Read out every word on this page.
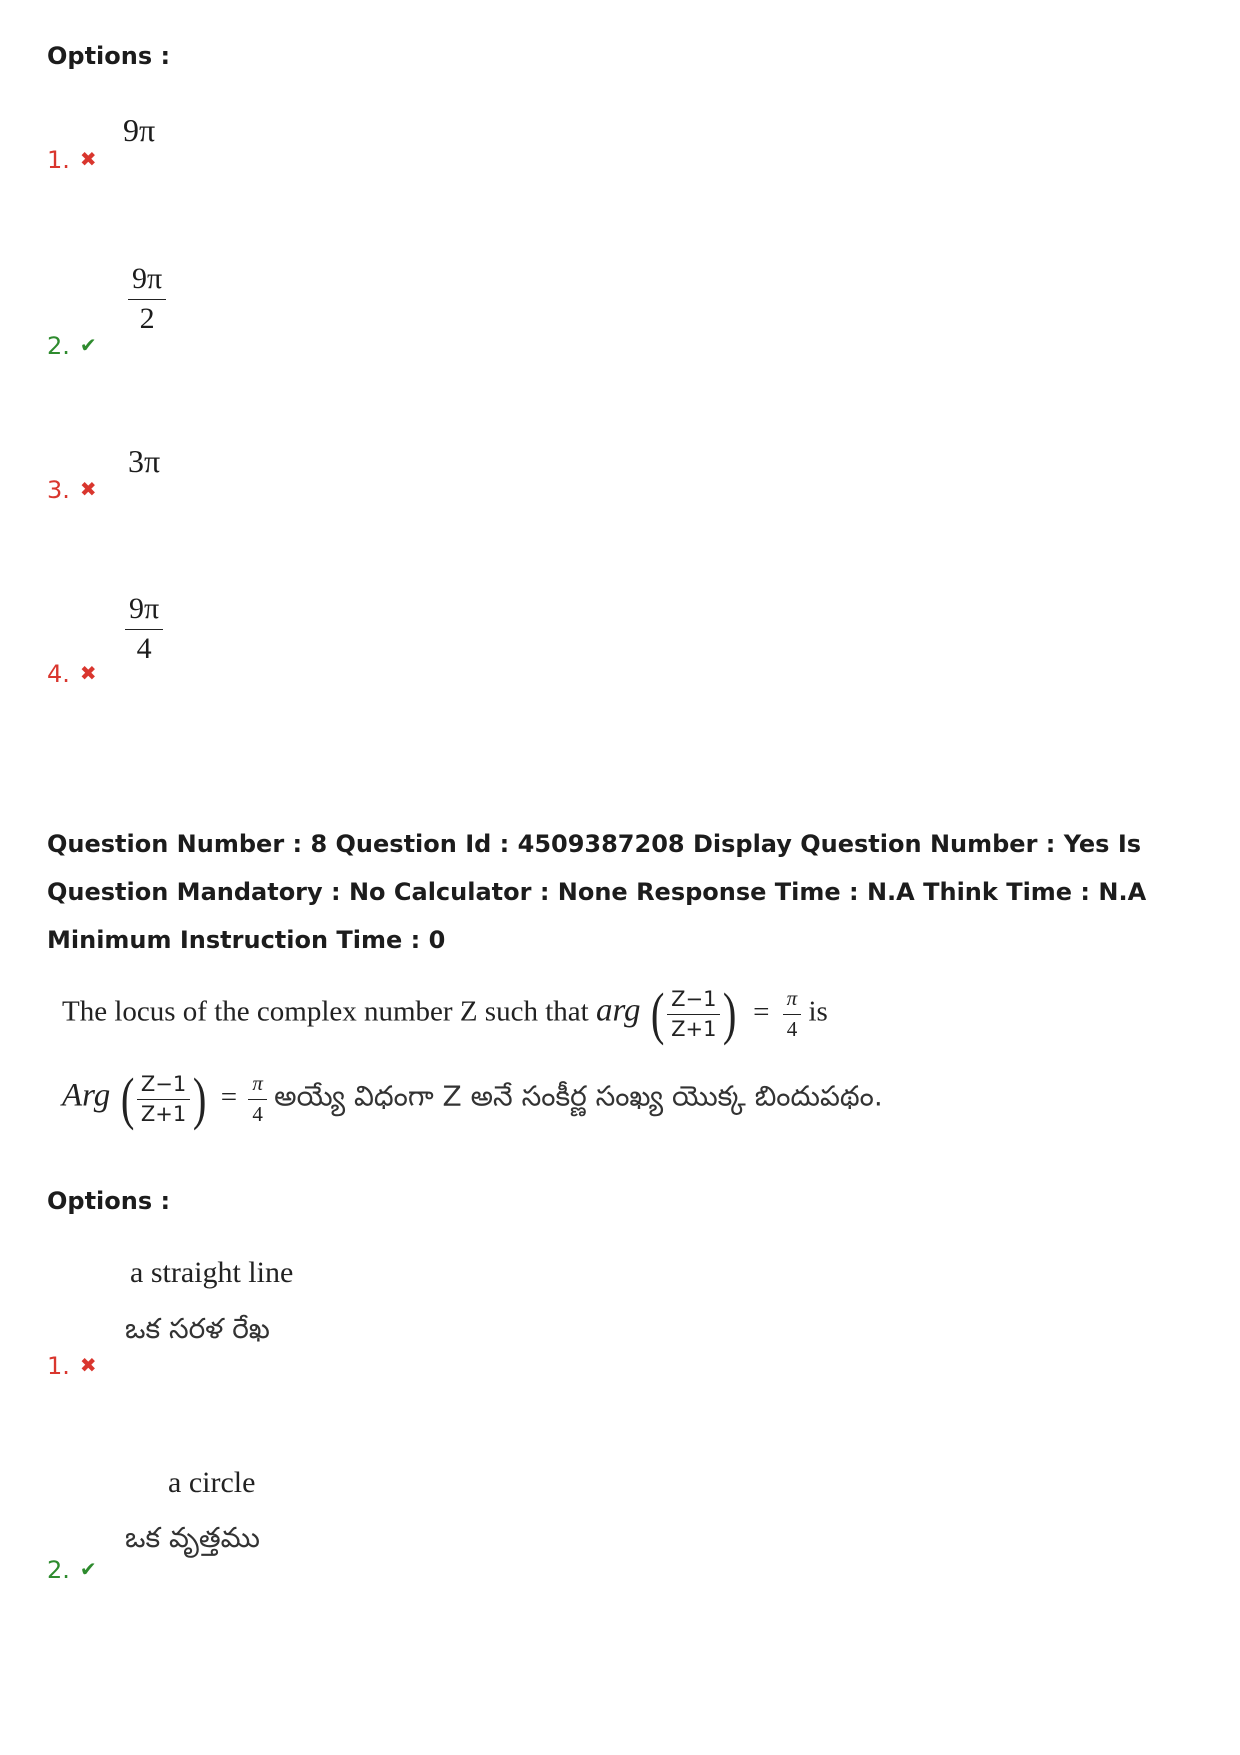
Options :
9π
1. ✖
$\frac{9\pi}{2}$
2. ✔
3π
3. ✖
$\frac{9\pi}{4}$
4. ✖
Question Number : 8 Question Id : 4509387208 Display Question Number : Yes Is Question Mandatory : No Calculator : None Response Time : N.A Think Time : N.A Minimum Instruction Time : 0
The locus of the complex number Z such that arg ( $\frac{Z-1}{Z+1}$ ) = $\frac{\pi}{4}$ is
Arg ( $\frac{Z-1}{Z+1}$ ) = $\frac{\pi}{4}$ అయ్యే విధంగా Z అనే సంకీర్ణ సంఖ్య యొక్క బిందుపథం.
Options :
a straight line
ఒక సరళ రేఖ
1. ✖
a circle
ఒక వృత్తము
2. ✔
